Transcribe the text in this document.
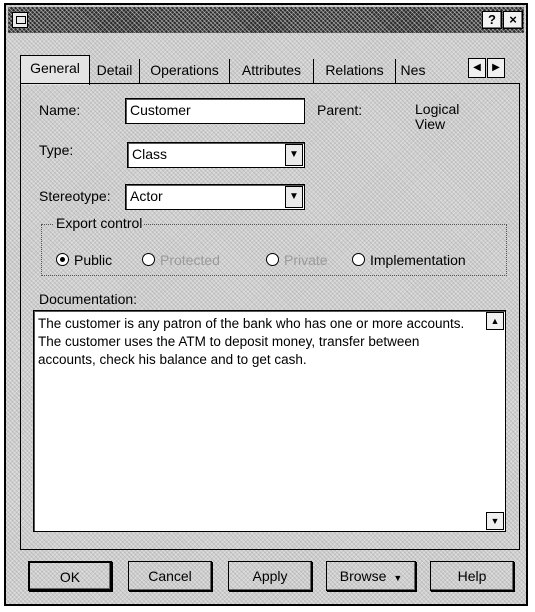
?	×
General	Detail	Operations	Attributes	Relations	Nes	◀	▶
Name:	Customer	Parent:	Logical View
Type:	Class	▼
Stereotype:	Actor	▼
Export control
Public	Protected	Private	Implementation
Documentation:
The customer is any patron of the bank who has one or more accounts. The customer uses the ATM to deposit money, transfer between accounts, check his balance and to get cash.
▲
▼
OK	Cancel	Apply	Browse ▼	Help
